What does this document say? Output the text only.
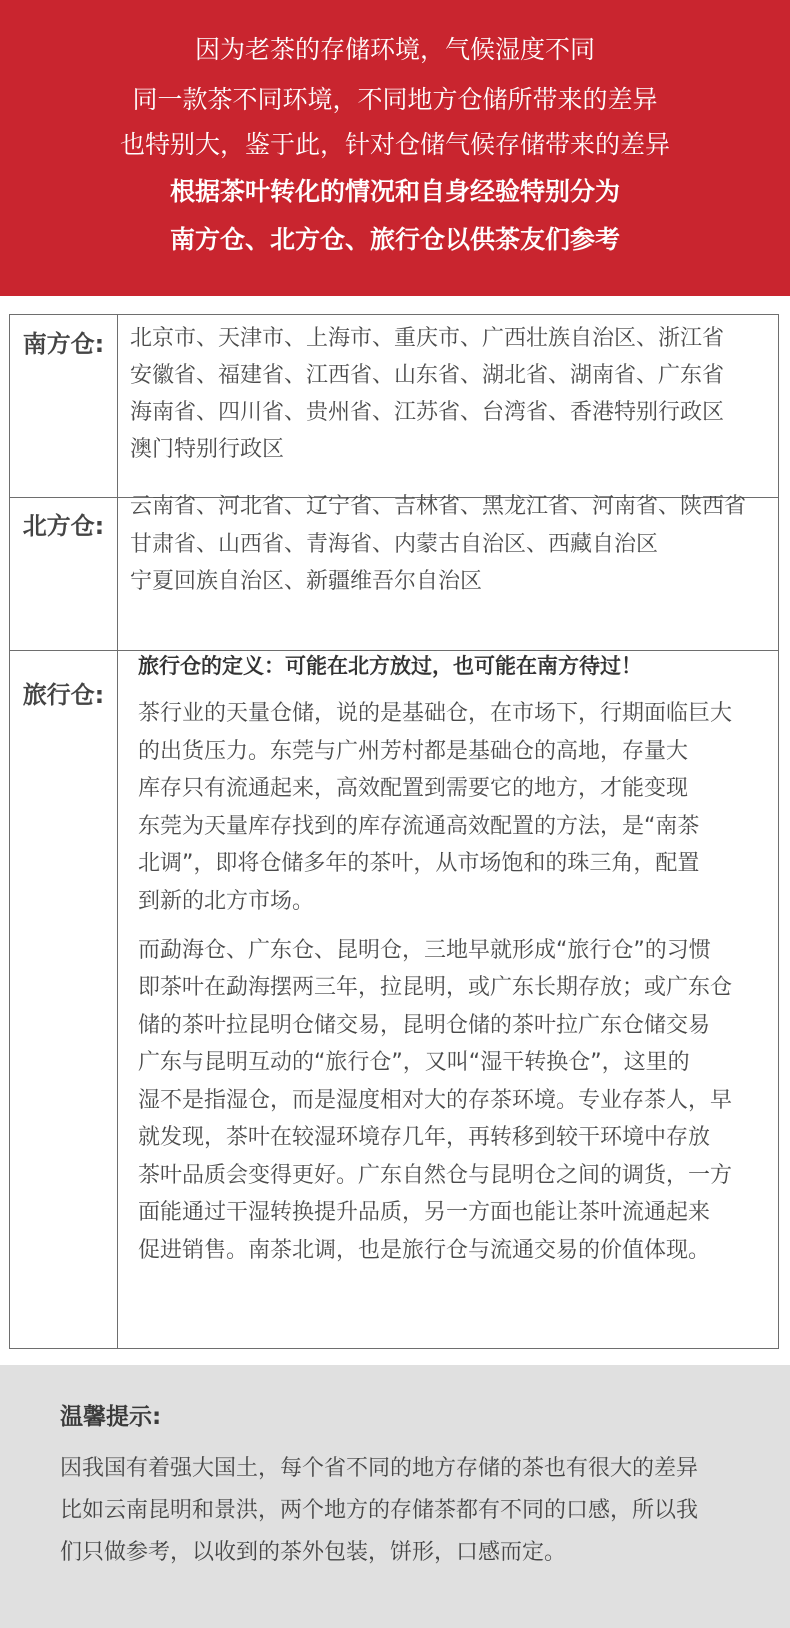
因为老茶的存储环境，气候湿度不同
同一款茶不同环境，不同地方仓储所带来的差异
也特别大，鉴于此，针对仓储气候存储带来的差异
根据茶叶转化的情况和自身经验特别分为
南方仓、北方仓、旅行仓以供茶友们参考
南方仓:	北京市、天津市、上海市、重庆市、广西壮族自治区、浙江省
安徽省、福建省、江西省、山东省、湖北省、湖南省、广东省
海南省、四川省、贵州省、江苏省、台湾省、香港特别行政区
澳门特别行政区
北方仓:
云南省、河北省、辽宁省、吉林省、黑龙江省、河南省、陕西省
甘肃省、山西省、青海省、内蒙古自治区、西藏自治区
宁夏回族自治区、新疆维吾尔自治区
旅行仓:
旅行仓的定义：可能在北方放过，也可能在南方待过！
茶行业的天量仓储，说的是基础仓，在市场下，行期面临巨大
的出货压力。东莞与广州芳村都是基础仓的高地，存量大
库存只有流通起来，高效配置到需要它的地方，才能变现
东莞为天量库存找到的库存流通高效配置的方法，是“南茶
北调”，即将仓储多年的茶叶，从市场饱和的珠三角，配置
到新的北方市场。
而勐海仓、广东仓、昆明仓，三地早就形成“旅行仓”的习惯
即茶叶在勐海摆两三年，拉昆明，或广东长期存放；或广东仓
储的茶叶拉昆明仓储交易，昆明仓储的茶叶拉广东仓储交易
广东与昆明互动的“旅行仓”，又叫“湿干转换仓”，这里的
湿不是指湿仓，而是湿度相对大的存茶环境。专业存茶人，早
就发现，茶叶在较湿环境存几年，再转移到较干环境中存放
茶叶品质会变得更好。广东自然仓与昆明仓之间的调货，一方
面能通过干湿转换提升品质，另一方面也能让茶叶流通起来
促进销售。南茶北调，也是旅行仓与流通交易的价值体现。
温馨提示:
因我国有着强大国土，每个省不同的地方存储的茶也有很大的差异
比如云南昆明和景洪，两个地方的存储茶都有不同的口感，所以我
们只做参考，以收到的茶外包装，饼形，口感而定。
